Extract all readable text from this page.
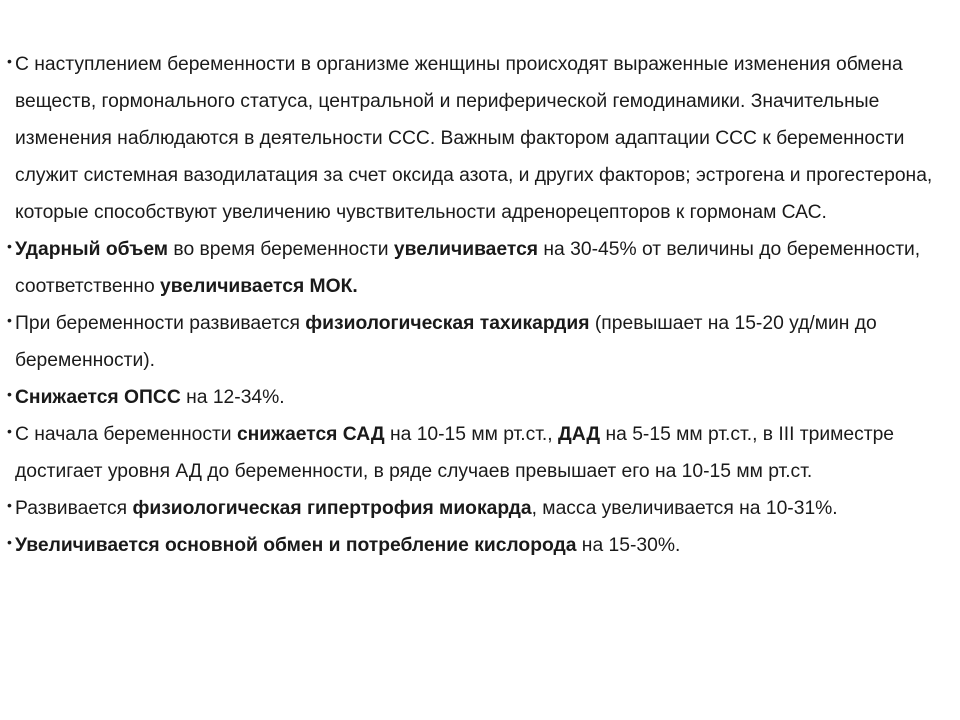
• С наступлением беременности в организме женщины происходят выраженные изменения обмена веществ, гормонального статуса, центральной и периферической гемодинамики. Значительные изменения наблюдаются в деятельности ССС. Важным фактором адаптации ССС к беременности служит системная вазодилатация за счет оксида азота, и других факторов; эстрогена и прогестерона, которые способствуют увеличению чувствительности адренорецепторов к гормонам САС.
• Ударный объем во время беременности увеличивается на 30-45% от величины до беременности, соответственно увеличивается МОК.
• При беременности развивается физиологическая тахикардия (превышает на 15-20 уд/мин до беременности).
• Снижается ОПСС на 12-34%.
• С начала беременности снижается САД на 10-15 мм рт.ст., ДАД на 5-15 мм рт.ст., в III триместре достигает уровня АД до беременности, в ряде случаев превышает его на 10-15 мм рт.ст.
• Развивается физиологическая гипертрофия миокарда, масса увеличивается на 10-31%.
• Увеличивается основной обмен и потребление кислорода на 15-30%.
